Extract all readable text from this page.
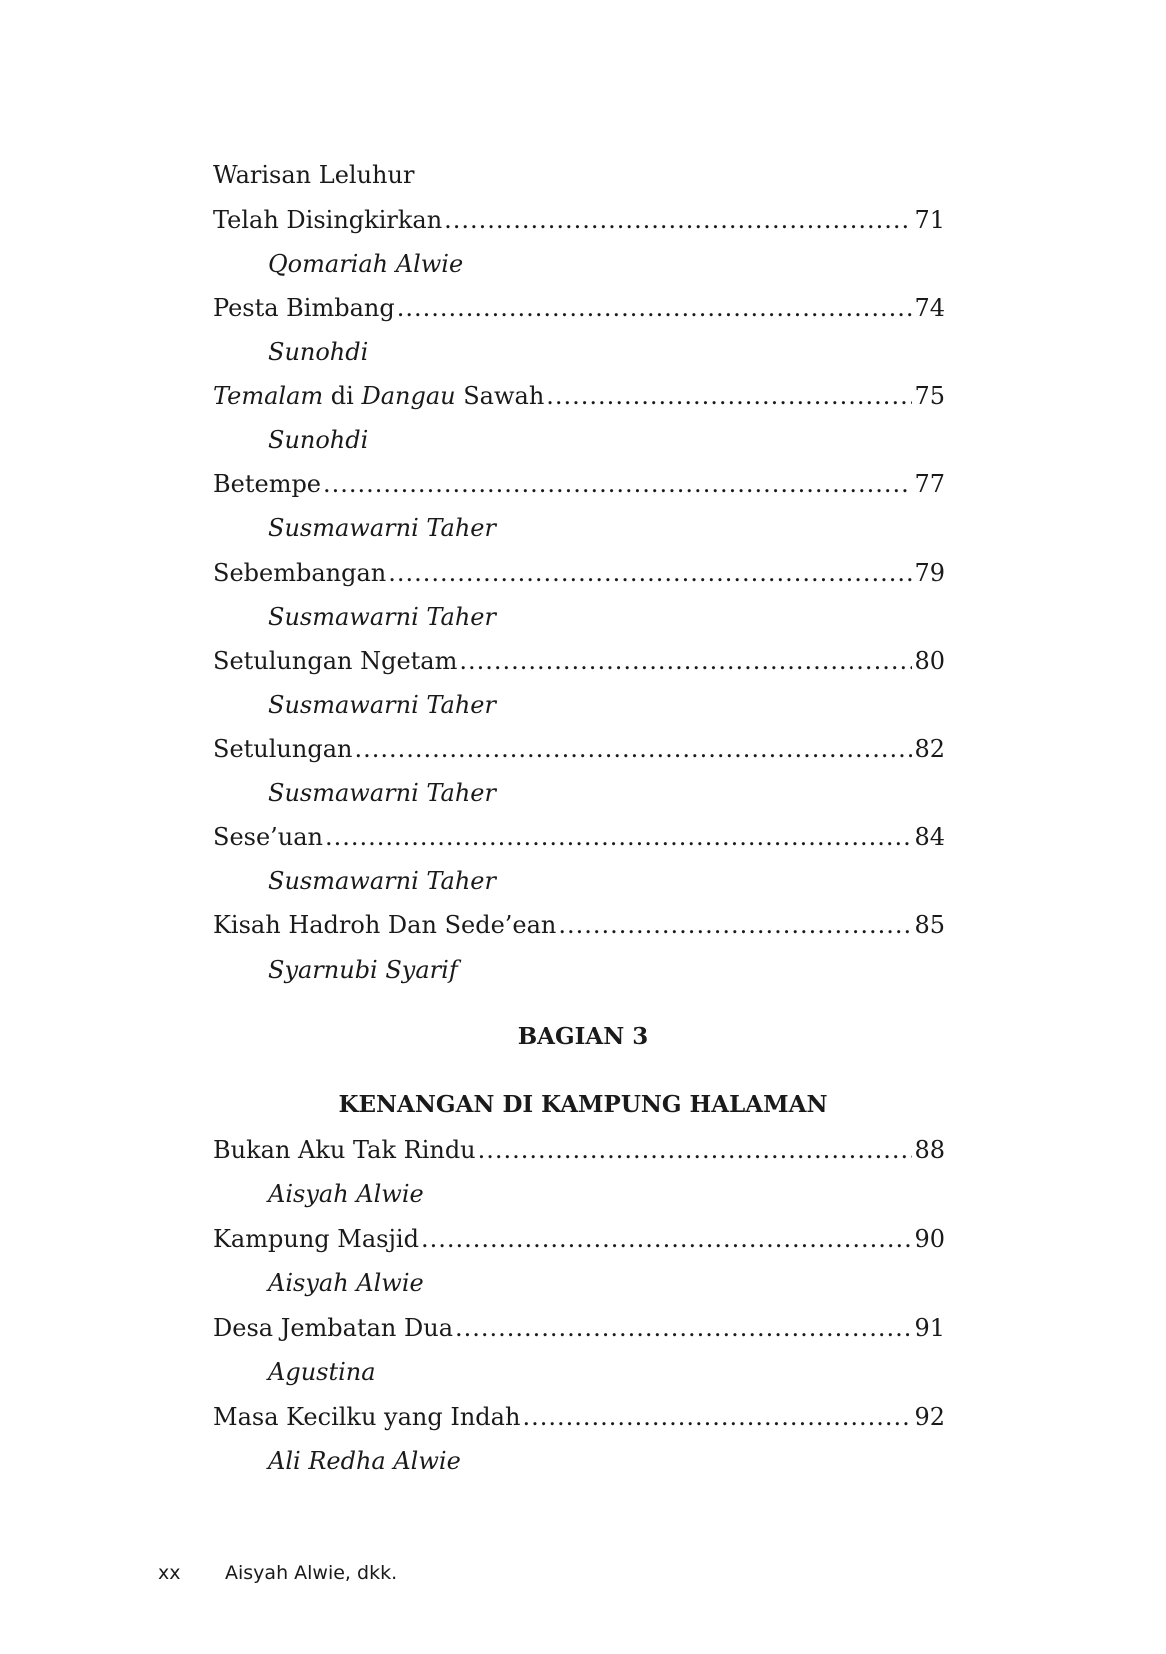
Warisan Leluhur
Telah Disingkirkan .....	71
Qomariah Alwie
Pesta Bimbang .....	74
Sunohdi
Temalam di Dangau Sawah .....	75
Sunohdi
Betempe .....	77
Susmawarni Taher
Sebembangan .....	79
Susmawarni Taher
Setulungan Ngetam .....	80
Susmawarni Taher
Setulungan .....	82
Susmawarni Taher
Sese’uan .....	84
Susmawarni Taher
Kisah Hadroh Dan Sede’ean .....	85
Syarnubi Syarif
BAGIAN 3
KENANGAN DI KAMPUNG HALAMAN
Bukan Aku Tak Rindu .....	88
Aisyah Alwie
Kampung Masjid .....	90
Aisyah Alwie
Desa Jembatan Dua .....	91
Agustina
Masa Kecilku yang Indah .....	92
Ali Redha Alwie
xx Aisyah Alwie, dkk.
